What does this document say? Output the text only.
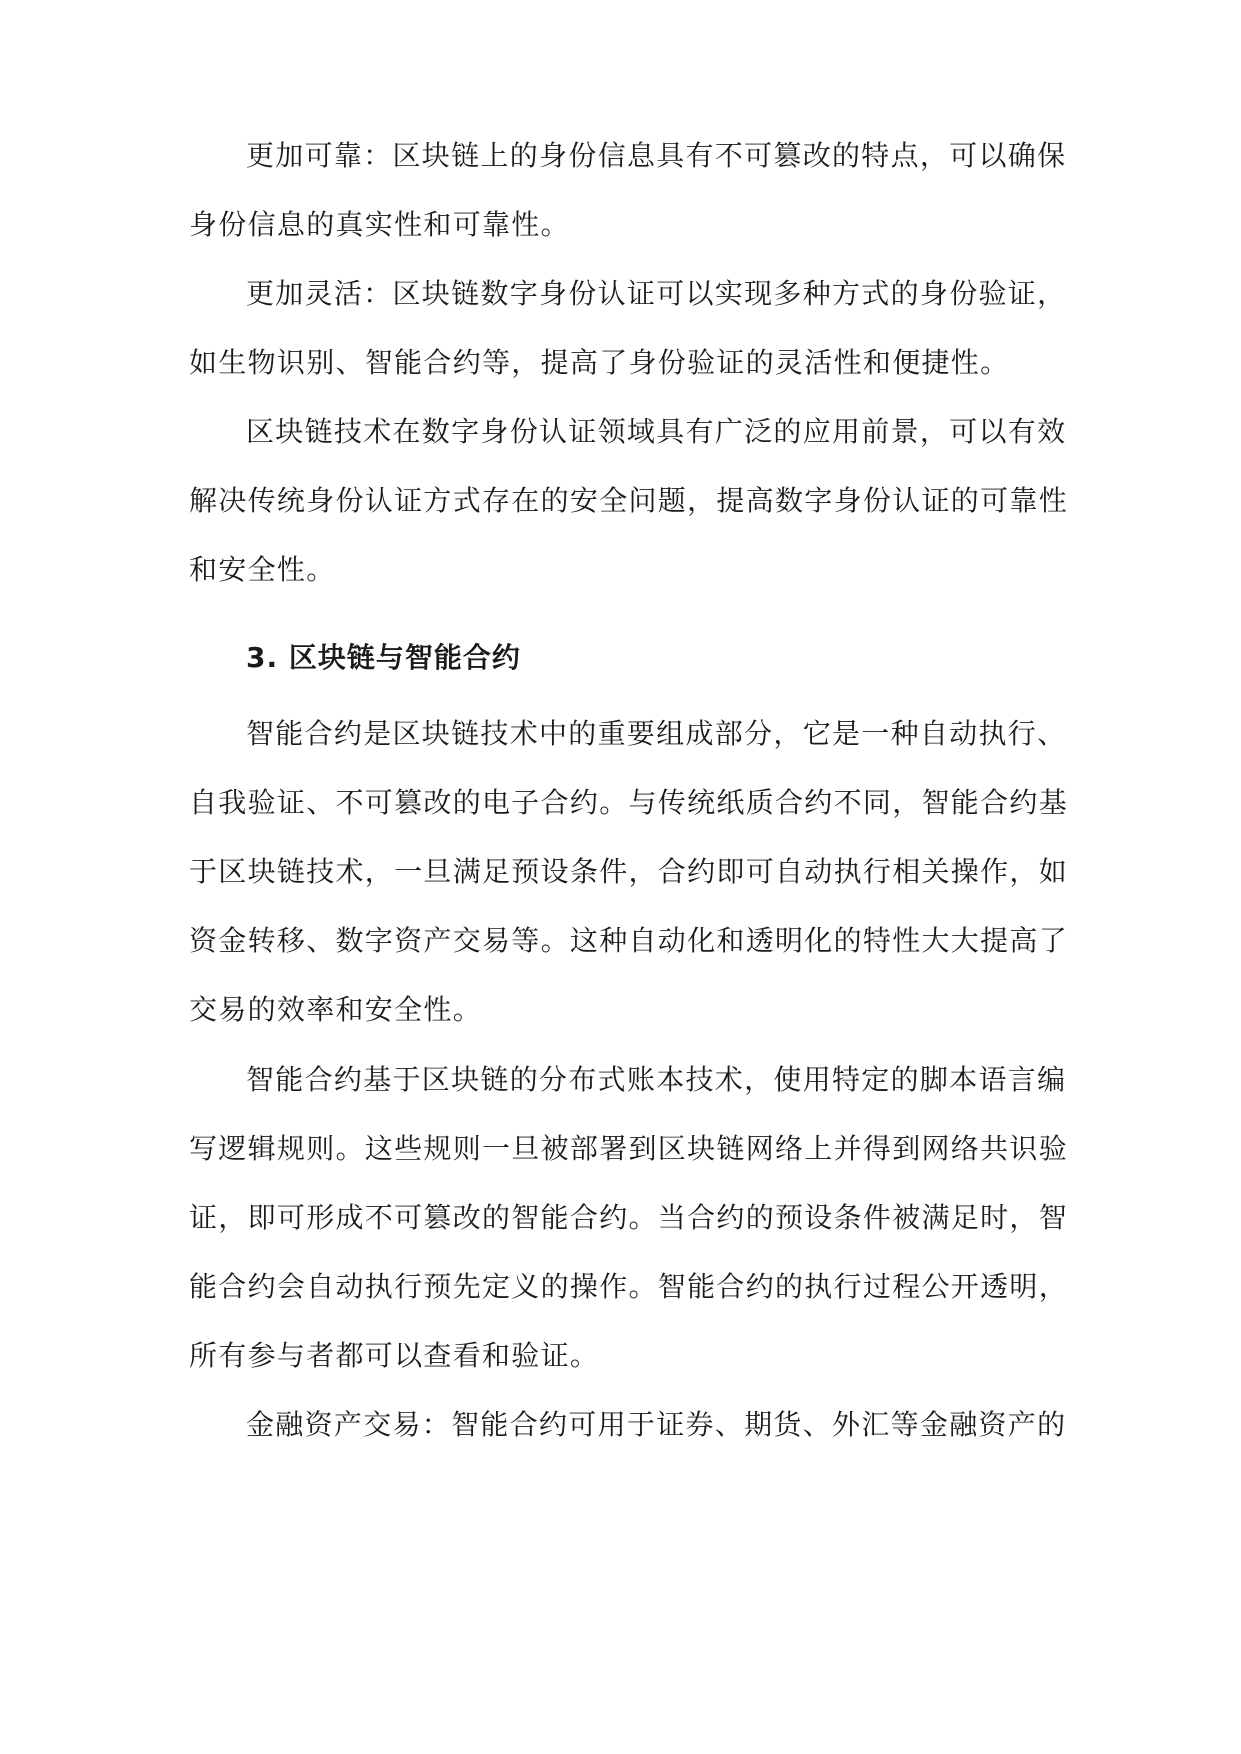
更加可靠：区块链上的身份信息具有不可篡改的特点，可以确保
身份信息的真实性和可靠性。
更加灵活：区块链数字身份认证可以实现多种方式的身份验证，
如生物识别、智能合约等，提高了身份验证的灵活性和便捷性。
区块链技术在数字身份认证领域具有广泛的应用前景，可以有效
解决传统身份认证方式存在的安全问题，提高数字身份认证的可靠性
和安全性。
3. 区块链与智能合约
智能合约是区块链技术中的重要组成部分，它是一种自动执行、
自我验证、不可篡改的电子合约。与传统纸质合约不同，智能合约基
于区块链技术，一旦满足预设条件，合约即可自动执行相关操作，如
资金转移、数字资产交易等。这种自动化和透明化的特性大大提高了
交易的效率和安全性。
智能合约基于区块链的分布式账本技术，使用特定的脚本语言编
写逻辑规则。这些规则一旦被部署到区块链网络上并得到网络共识验
证，即可形成不可篡改的智能合约。当合约的预设条件被满足时，智
能合约会自动执行预先定义的操作。智能合约的执行过程公开透明，
所有参与者都可以查看和验证。
金融资产交易：智能合约可用于证券、期货、外汇等金融资产的
